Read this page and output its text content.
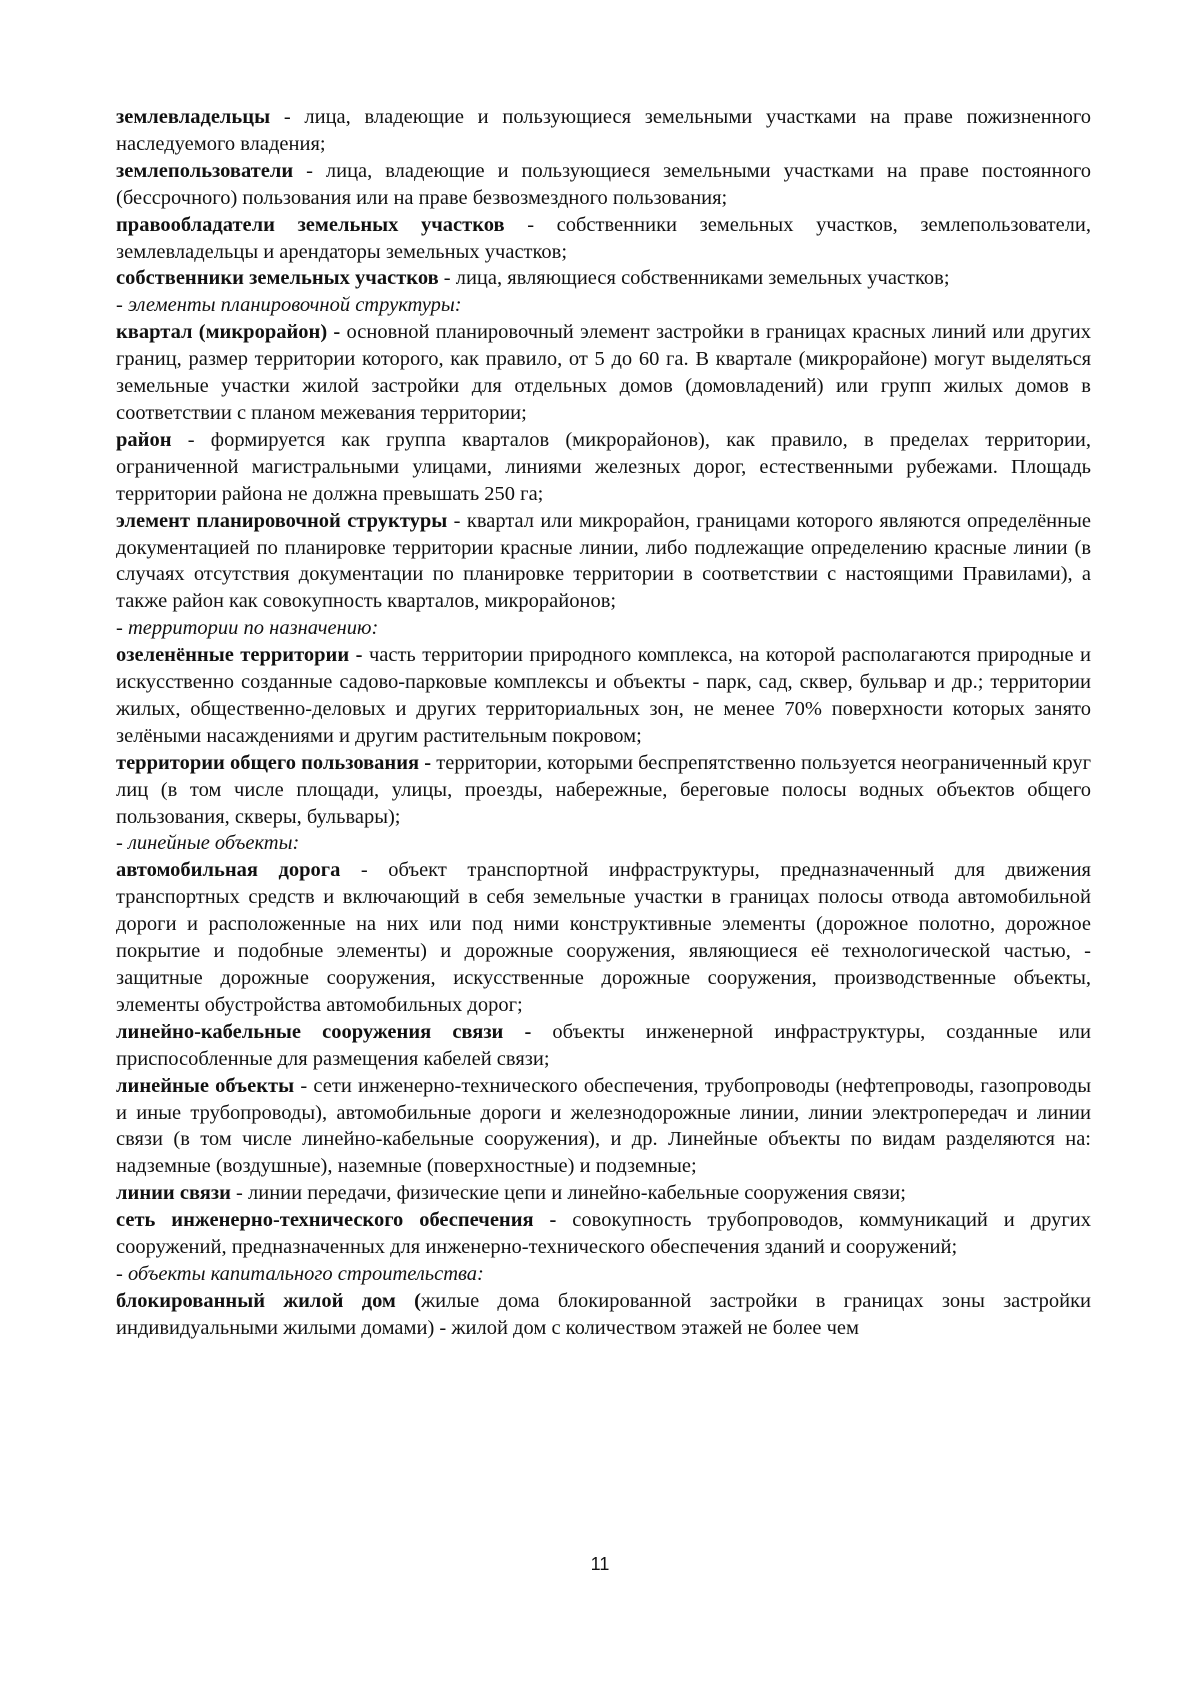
землевладельцы - лица, владеющие и пользующиеся земельными участками на праве пожизненного наследуемого владения;

землепользователи - лица, владеющие и пользующиеся земельными участками на праве постоянного (бессрочного) пользования или на праве безвозмездного пользования;

правообладатели земельных участков - собственники земельных участков, землепользователи, землевладельцы и арендаторы земельных участков;

собственники земельных участков - лица, являющиеся собственниками земельных участков;

- элементы планировочной структуры:

квартал (микрорайон) - основной планировочный элемент застройки в границах красных линий или других границ, размер территории которого, как правило, от 5 до 60 га. В квартале (микрорайоне) могут выделяться земельные участки жилой застройки для отдельных домов (домовладений) или групп жилых домов в соответствии с планом межевания территории;

район - формируется как группа кварталов (микрорайонов), как правило, в пределах территории, ограниченной магистральными улицами, линиями железных дорог, естественными рубежами. Площадь территории района не должна превышать 250 га;

элемент планировочной структуры - квартал или микрорайон, границами которого являются определённые документацией по планировке территории красные линии, либо подлежащие определению красные линии (в случаях отсутствия документации по планировке территории в соответствии с настоящими Правилами), а также район как совокупность кварталов, микрорайонов;

- территории по назначению:

озеленённые территории - часть территории природного комплекса, на которой располагаются природные и искусственно созданные садово-парковые комплексы и объекты - парк, сад, сквер, бульвар и др.; территории жилых, общественно-деловых и других территориальных зон, не менее 70% поверхности которых занято зелёными насаждениями и другим растительным покровом;

территории общего пользования - территории, которыми беспрепятственно пользуется неограниченный круг лиц (в том числе площади, улицы, проезды, набережные, береговые полосы водных объектов общего пользования, скверы, бульвары);

- линейные объекты:

автомобильная дорога - объект транспортной инфраструктуры, предназначенный для движения транспортных средств и включающий в себя земельные участки в границах полосы отвода автомобильной дороги и расположенные на них или под ними конструктивные элементы (дорожное полотно, дорожное покрытие и подобные элементы) и дорожные сооружения, являющиеся её технологической частью, - защитные дорожные сооружения, искусственные дорожные сооружения, производственные объекты, элементы обустройства автомобильных дорог;

линейно-кабельные сооружения связи - объекты инженерной инфраструктуры, созданные или приспособленные для размещения кабелей связи;

линейные объекты - сети инженерно-технического обеспечения, трубопроводы (нефтепроводы, газопроводы и иные трубопроводы), автомобильные дороги и железнодорожные линии, линии электропередач и линии связи (в том числе линейно-кабельные сооружения), и др. Линейные объекты по видам разделяются на: надземные (воздушные), наземные (поверхностные) и подземные;

линии связи - линии передачи, физические цепи и линейно-кабельные сооружения связи;

сеть инженерно-технического обеспечения - совокупность трубопроводов, коммуникаций и других сооружений, предназначенных для инженерно-технического обеспечения зданий и сооружений;

- объекты капитального строительства:

блокированный жилой дом (жилые дома блокированной застройки в границах зоны застройки индивидуальными жилыми домами) - жилой дом с количеством этажей не более чем

11
